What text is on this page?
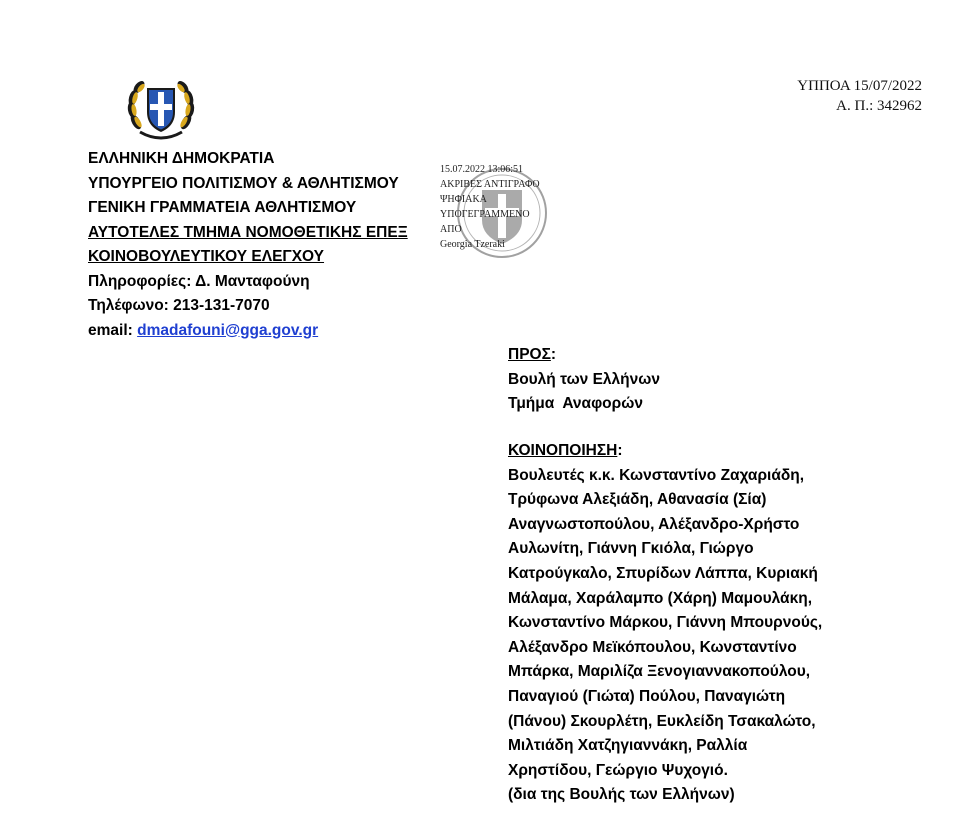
ΥΠΠΟΑ 15/07/2022
Α. Π.: 342962
ΕΛΛΗΝΙΚΗ ΔΗΜΟΚΡΑΤΙΑ
ΥΠΟΥΡΓΕΙΟ ΠΟΛΙΤΙΣΜΟΥ & ΑΘΛΗΤΙΣΜΟΥ
ΓΕΝΙΚΗ ΓΡΑΜΜΑΤΕΙΑ ΑΘΛΗΤΙΣΜΟΥ
ΑΥΤΟΤΕΛΕΣ ΤΜΗΜΑ ΝΟΜΟΘΕΤΙΚΗΣ ΕΠΕΞ
ΚΟΙΝΟΒΟΥΛΕΥΤΙΚΟΥ ΕΛΕΓΧΟΥ
Πληροφορίες: Δ. Μανταφούνη
Τηλέφωνο: 213-131-7070
email: dmadafouni@gga.gov.gr
15.07.2022 13:06:51
ΑΚΡΙΒΕΣ ΑΝΤΙΓΡΑΦΟ
ΨΗΦΙΑΚΑ
ΥΠΟΓΕΓΡΑΜΜΕΝΟ
ΑΠΟ
Georgia Tzeraki
ΠΡΟΣ:
Βουλή των Ελλήνων
Τμήμα  Αναφορών
ΚΟΙΝΟΠΟΙΗΣΗ:
Βουλευτές κ.κ. Κωνσταντίνο Ζαχαριάδη,
Τρύφωνα Αλεξιάδη, Αθανασία (Σία)
Αναγνωστοπούλου, Αλέξανδρο-Χρήστο
Αυλωνίτη, Γιάννη Γκιόλα, Γιώργο
Κατρούγκαλο, Σπυρίδων Λάππα, Κυριακή
Μάλαμα, Χαράλαμπο (Χάρη) Μαμουλάκη,
Κωνσταντίνο Μάρκου, Γιάννη Μπουρνούς,
Αλέξανδρο Μεϊκόπουλου, Κωνσταντίνο
Μπάρκα, Μαριλίζα Ξενογιαννακοπούλου,
Παναγιού (Γιώτα) Πούλου, Παναγιώτη
(Πάνου) Σκουρλέτη, Ευκλείδη Τσακαλώτο,
Μιλτιάδη Χατζηγιαννάκη, Ραλλία
Χρηστίδου, Γεώργιο Ψυχογιό.
(δια της Βουλής των Ελλήνων)
